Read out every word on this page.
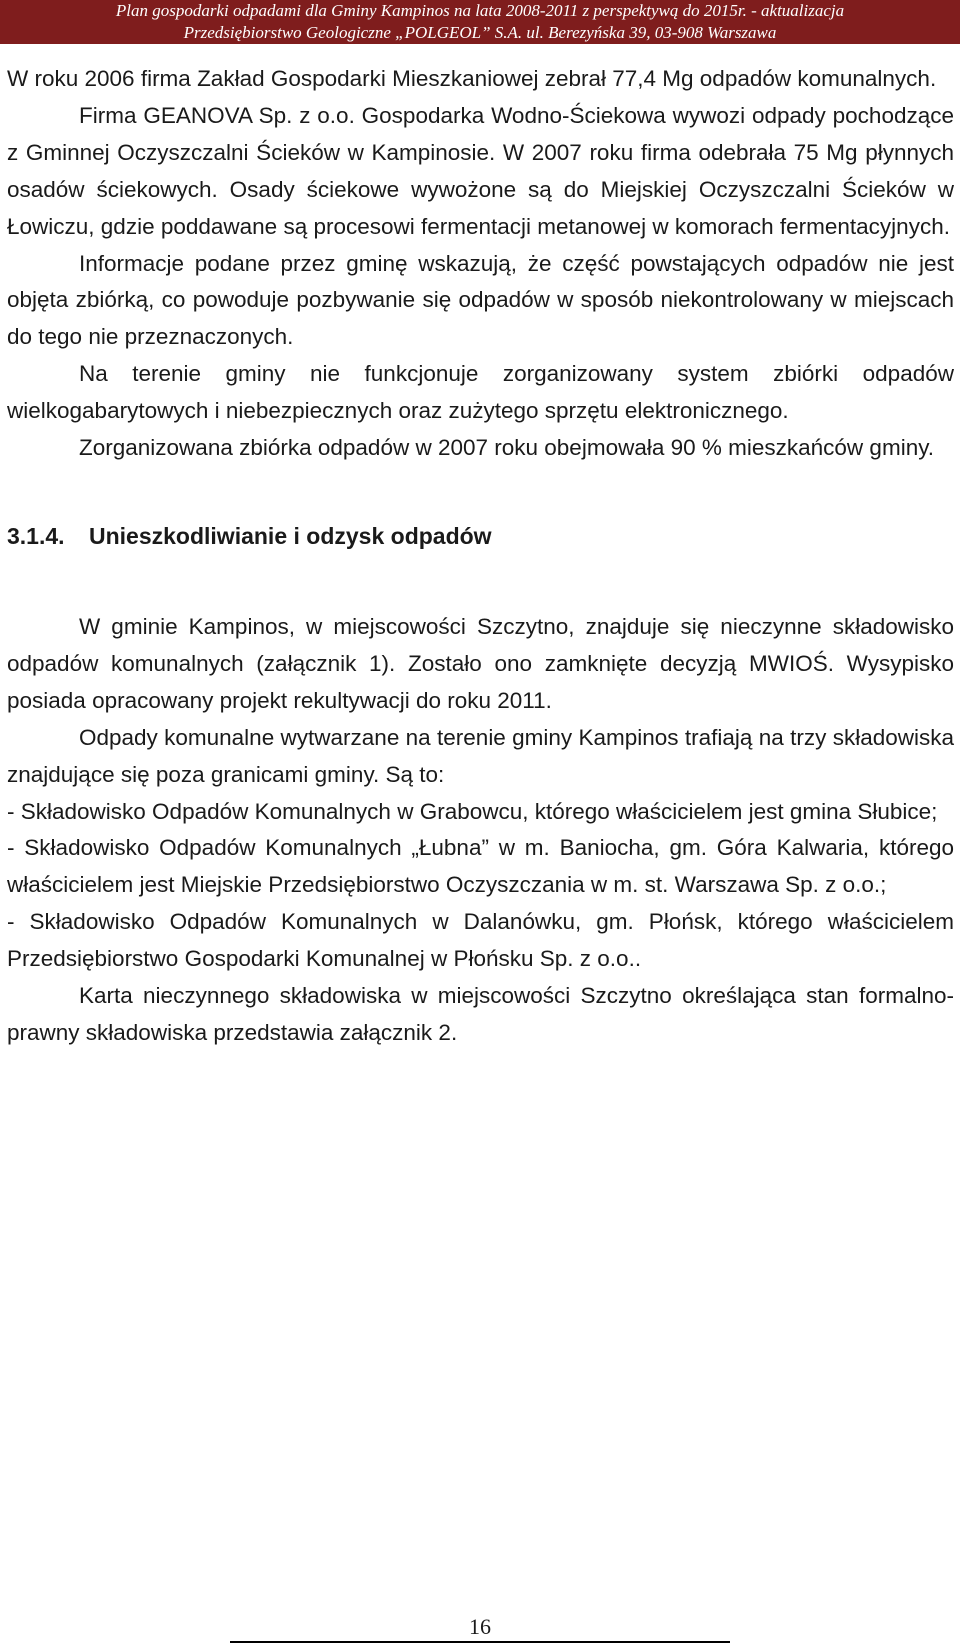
Plan gospodarki odpadami dla Gminy Kampinos na lata 2008-2011 z perspektywą do 2015r. - aktualizacja
Przedsiębiorstwo Geologiczne „POLGEOL” S.A. ul. Berezyńska 39, 03-908 Warszawa

W roku 2006 firma Zakład Gospodarki Mieszkaniowej zebrał 77,4 Mg odpadów komunalnych.

Firma GEANOVA Sp. z o.o. Gospodarka Wodno-Ściekowa wywozi odpady pochodzące z Gminnej Oczyszczalni Ścieków w Kampinosie. W 2007 roku firma odebrała 75 Mg płynnych osadów ściekowych. Osady ściekowe wywożone są do Miejskiej Oczyszczalni Ścieków w Łowiczu, gdzie poddawane są procesowi fermentacji metanowej w komorach fermentacyjnych.

Informacje podane przez gminę wskazują, że część powstających odpadów nie jest objęta zbiórką, co powoduje pozbywanie się odpadów w sposób niekontrolowany w miejscach do tego nie przeznaczonych.

Na terenie gminy nie funkcjonuje zorganizowany system zbiórki odpadów wielkogabarytowych i niebezpiecznych oraz zużytego sprzętu elektronicznego.

Zorganizowana zbiórka odpadów w 2007 roku obejmowała 90 % mieszkańców gminy.

3.1.4. Unieszkodliwianie i odzysk odpadów

W gminie Kampinos, w miejscowości Szczytno, znajduje się nieczynne składowisko odpadów komunalnych (załącznik 1). Zostało ono zamknięte decyzją MWIOŚ. Wysypisko posiada opracowany projekt rekultywacji do roku 2011.

Odpady komunalne wytwarzane na terenie gminy Kampinos trafiają na trzy składowiska znajdujące się poza granicami gminy. Są to:

- Składowisko Odpadów Komunalnych w Grabowcu, którego właścicielem jest gmina Słubice;

- Składowisko Odpadów Komunalnych „Łubna” w m. Baniocha, gm. Góra Kalwaria, którego właścicielem jest Miejskie Przedsiębiorstwo Oczyszczania w m. st. Warszawa Sp. z o.o.;

- Składowisko Odpadów Komunalnych w Dalanówku, gm. Płońsk, którego właścicielem Przedsiębiorstwo Gospodarki Komunalnej w Płońsku Sp. z o.o..

Karta nieczynnego składowiska w miejscowości Szczytno określająca stan formalno- prawny składowiska przedstawia załącznik 2.

16
